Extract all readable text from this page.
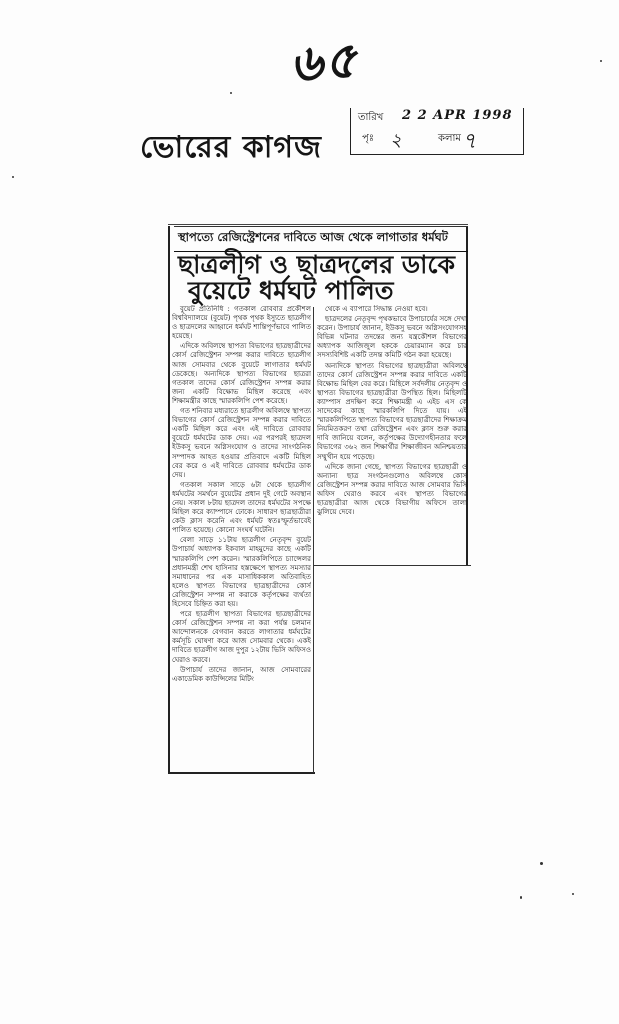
৬৫
ভোরের কাগজ
তারিখ 2 2 APR 1998
পৃঃ ২	কলাম ৭
স্থাপত্যে রেজিস্ট্রেশনের দাবিতে আজ থেকে লাগাতার ধর্মঘট
ছাত্রলীগ ও ছাত্রদলের ডাকে
বুয়েটে ধর্মঘট পালিত

বুয়েট প্রতিনিধি : গতকাল রোববার প্রকৌশল বিশ্ববিদ্যালয়ে (বুয়েট) পৃথক পৃথক ইস্যুতে ছাত্রলীগ ও ছাত্রদলের আহ্বানে ধর্মঘট শান্তিপূর্ণভাবে পালিত হয়েছে।

এদিকে অবিলম্বে স্থাপত্য বিভাগের ছাত্রছাত্রীদের কোর্স রেজিস্ট্রেশন সম্পন্ন করার দাবিতে ছাত্রলীগ আজ সোমবার থেকে বুয়েটে লাগাতার ধর্মঘট ডেকেছে। অন্যদিকে স্থাপত্য বিভাগের ছাত্ররা গতকাল তাদের কোর্স রেজিস্ট্রেশন সম্পন্ন করার জন্য একটি বিক্ষোভ মিছিল করেছে এবং শিক্ষামন্ত্রীর কাছে স্মারকলিপি পেশ করেছে।

গত শনিবার মধ্যরাতে ছাত্রলীগ অবিলম্বে স্থাপত্য বিভাগের কোর্স রেজিস্ট্রেশন সম্পন্ন করার দাবিতে একটি মিছিল করে এবং এই দাবিতে রোববার বুয়েটে ধর্মঘটের ডাক দেয়। এর পরপরই ছাত্রদল ইউকসু ভবনে অগ্নিসংযোগ ও তাদের সাংগঠনিক সম্পাদক আহত হওয়ার প্রতিবাদে একটি মিছিল বের করে ও এই দাবিতে রোববার ধর্মঘটের ডাক দেয়।

গতকাল সকাল সাড়ে ৬টা থেকে ছাত্রলীগ ধর্মঘটের সমর্থনে বুয়েটের প্রধান দুই গেটে অবস্থান নেয়। সকাল ৮টায় ছাত্রদল তাদের ধর্মঘটের সপক্ষে মিছিল করে ক্যাম্পাসে ঢোকে। সাধারণ ছাত্রছাত্রীরা কেউ ক্লাস করেনি এবং ধর্মঘট স্বতঃস্ফূর্তভাবেই পালিত হয়েছে। কোনো সংঘর্ষ ঘটেনি।

বেলা সাড়ে ১১টায় ছাত্রলীগ নেতৃবৃন্দ বুয়েট উপাচার্য অধ্যাপক ইকবাল মাহমুদের কাছে একটি স্মারকলিপি পেশ করেন। স্মারকলিপিতে চ্যান্সেলর প্রধানমন্ত্রী শেখ হাসিনার হস্তক্ষেপে স্থাপত্য সমস্যার সমাধানের পর এক মাসাধিককাল অতিবাহিত হলেও স্থাপত্য বিভাগের ছাত্রছাত্রীদের কোর্স রেজিস্ট্রেশন সম্পন্ন না করাকে কর্তৃপক্ষের ব্যর্থতা হিসেবে চিহ্নিত করা হয়।

পরে ছাত্রলীগ স্থাপত্য বিভাগের ছাত্রছাত্রীদের কোর্স রেজিস্ট্রেশন সম্পন্ন না করা পর্যন্ত চলমান আন্দোলনকে বেগবান করতে লাগাতার ধর্মঘটের কর্মসূচি ঘোষণা করে আজ সোমবার থেকে। একই দাবিতে ছাত্রলীগ আজ দুপুর ১২টায় ভিসি অফিসও ঘেরাও করবে।

উপাচার্য তাদের জানান, আজ সোমবারের একাডেমিক কাউন্সিলের মিটিং

থেকে এ ব্যাপারে সিদ্ধান্ত নেওয়া হবে।

ছাত্রদলের নেতৃবৃন্দ পৃথকভাবে উপাচার্যের সঙ্গে দেখা করেন। উপাচার্য জানান, ইউকসু ভবনে অগ্নিসংযোগসহ বিভিন্ন ঘটনার তদন্তের জন্য যন্ত্রকৌশল বিভাগের অধ্যাপক আজিজুল হককে চেয়ারম্যান করে চার সদস্যবিশিষ্ট একটি তদন্ত কমিটি গঠন করা হয়েছে।

অন্যদিকে স্থাপত্য বিভাগের ছাত্রছাত্রীরা অবিলম্বে তাদের কোর্স রেজিস্ট্রেশন সম্পন্ন করার দাবিতে একটি বিক্ষোভ মিছিল বের করে। মিছিলে সর্বদলীয় নেতৃবৃন্দ ও স্থাপত্য বিভাগের ছাত্রছাত্রীরা উপস্থিত ছিল। মিছিলটি ক্যাম্পাস প্রদক্ষিণ করে শিক্ষামন্ত্রী এ এইচ এস কে সাদেকের কাছে স্মারকলিপি দিতে যায়। এই স্মারকলিপিতে স্থাপত্য বিভাগের ছাত্রছাত্রীদের শিক্ষাক্রম নিয়মিতকরণ তথা রেজিস্ট্রেশন এবং ক্লাস শুরু করার দাবি জানিয়ে বলেন, কর্তৃপক্ষের উদ্যোগহীনতার ফলে বিভাগের ৩৬২ জন শিক্ষার্থীর শিক্ষাজীবন অনিশ্চয়তার সম্মুখীন হয়ে পড়েছে।

এদিকে জানা গেছে, স্থাপত্য বিভাগের ছাত্রছাত্রী ও অন্যান্য ছাত্র সংগঠনগুলোও অবিলম্বে কোর্স রেজিস্ট্রেশন সম্পন্ন করার দাবিতে আজ সোমবার ভিসি অফিস ঘেরাও করবে এবং স্থাপত্য বিভাগের ছাত্রছাত্রীরা আজ থেকে বিভাগীয় অফিসে তালা ঝুলিয়ে দেবে।
